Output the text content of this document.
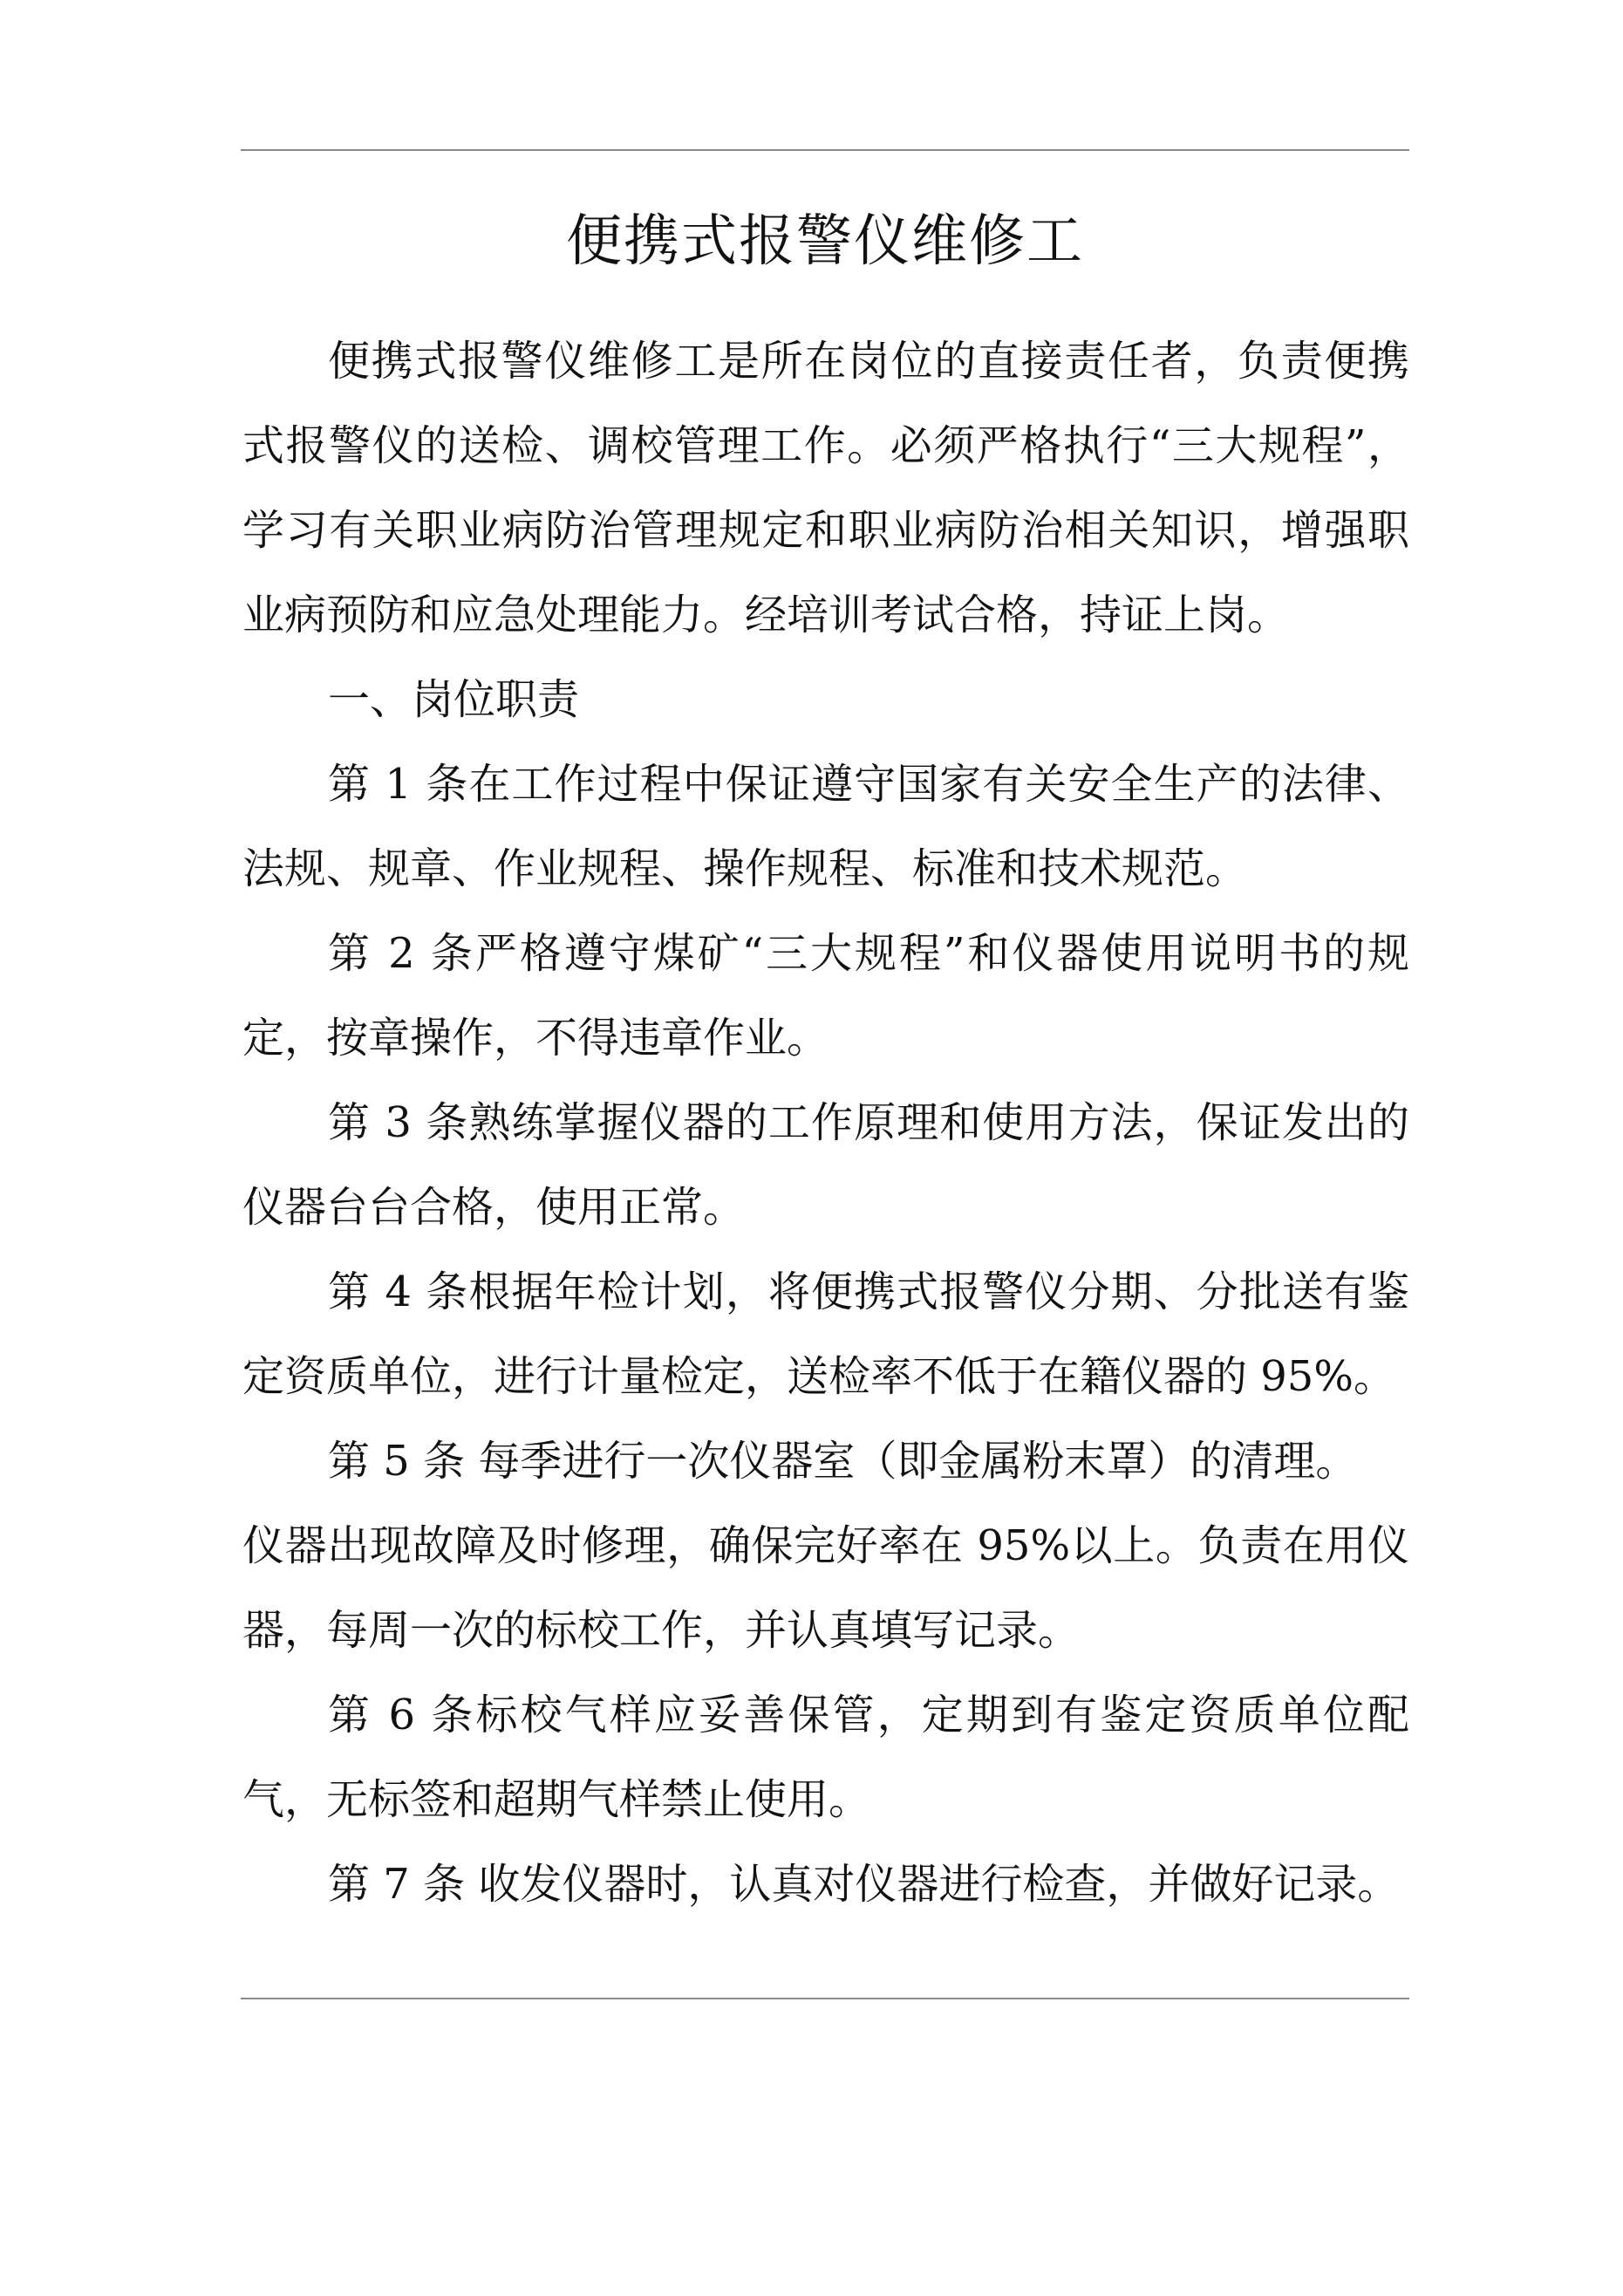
便携式报警仪维修工

便携式报警仪维修工是所在岗位的直接责任者，负责便携式报警仪的送检、调校管理工作。必须严格执行“三大规程”，学习有关职业病防治管理规定和职业病防治相关知识，增强职业病预防和应急处理能力。经培训考试合格，持证上岗。

一、岗位职责

第 1 条在工作过程中保证遵守国家有关安全生产的法律、法规、规章、作业规程、操作规程、标准和技术规范。

第 2 条严格遵守煤矿“三大规程”和仪器使用说明书的规定，按章操作，不得违章作业。

第 3 条熟练掌握仪器的工作原理和使用方法，保证发出的仪器台台合格，使用正常。

第 4 条根据年检计划，将便携式报警仪分期、分批送有鉴定资质单位，进行计量检定，送检率不低于在籍仪器的 95%。

第 5 条 每季进行一次仪器室（即金属粉末罩）的清理。

仪器出现故障及时修理，确保完好率在 95%以上。负责在用仪器，每周一次的标校工作，并认真填写记录。

第 6 条标校气样应妥善保管，定期到有鉴定资质单位配气，无标签和超期气样禁止使用。

第 7 条 收发仪器时，认真对仪器进行检查，并做好记录。
